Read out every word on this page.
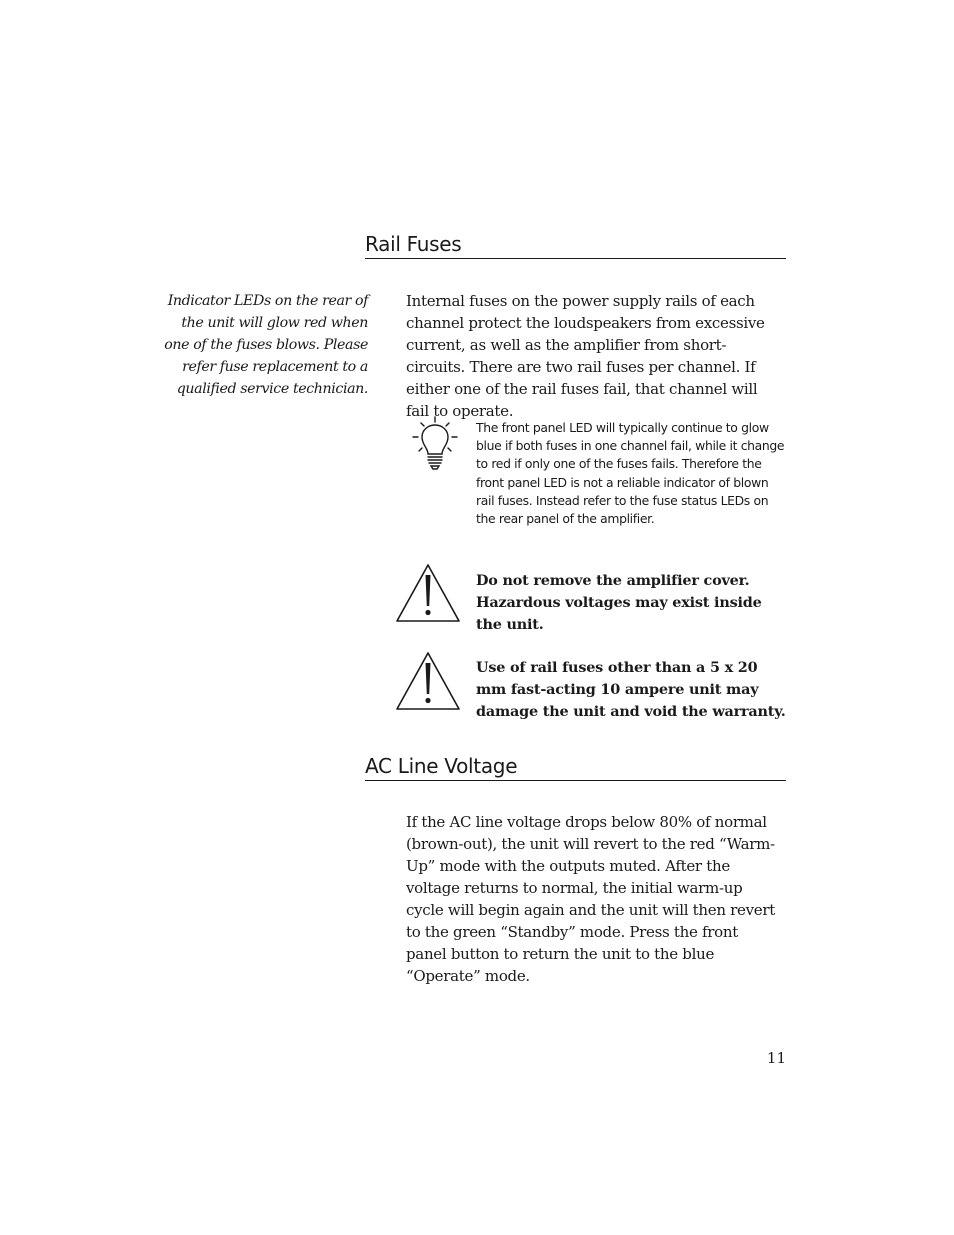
Rail Fuses

Indicator LEDs on the rear of the unit will glow red when one of the fuses blows. Please refer fuse replacement to a qualified service technician.

Internal fuses on the power supply rails of each channel protect the loudspeakers from excessive current, as well as the amplifier from short-circuits. There are two rail fuses per channel. If either one of the rail fuses fail, that channel will fail to operate.

The front panel LED will typically continue to glow blue if both fuses in one channel fail, while it change to red if only one of the fuses fails. Therefore the front panel LED is not a reliable indicator of blown rail fuses. Instead refer to the fuse status LEDs on the rear panel of the amplifier.

Do not remove the amplifier cover. Hazardous voltages may exist inside the unit.

Use of rail fuses other than a 5 x 20 mm fast-acting 10 ampere unit may damage the unit and void the warranty.

AC Line Voltage

If the AC line voltage drops below 80% of normal (brown-out), the unit will revert to the red “Warm-Up” mode with the outputs muted. After the voltage returns to normal, the initial warm-up cycle will begin again and the unit will then revert to the green “Standby” mode. Press the front panel button to return the unit to the blue “Operate” mode.

11
